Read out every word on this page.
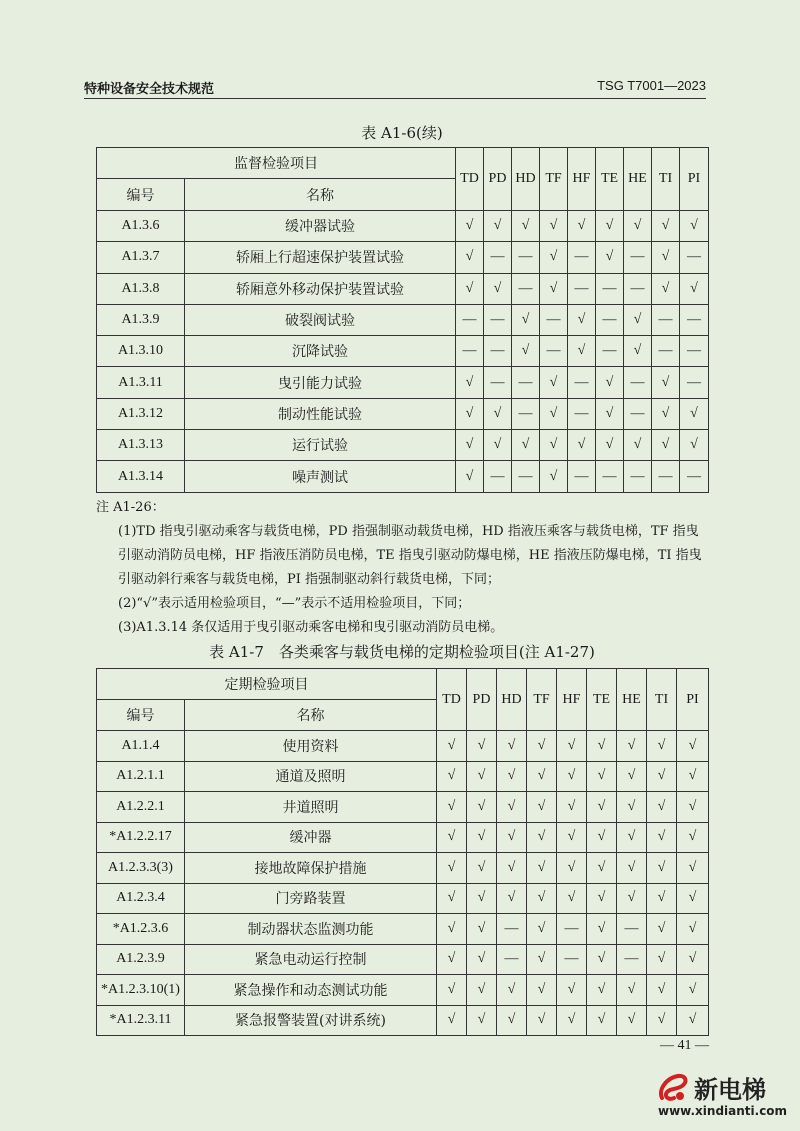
特种设备安全技术规范	TSG T7001—2023
表 A1-6(续)
监督检验项目		TD	PD	HD	TF	HF	TE	HE	TI	PI
编号	名称									
A1.3.6	缓冲器试验	√	√	√	√	√	√	√	√	√
A1.3.7	轿厢上行超速保护装置试验	√	—	—	√	—	√	—	√	—
A1.3.8	轿厢意外移动保护装置试验	√	√	—	√	—	—	—	√	√
A1.3.9	破裂阀试验	—	—	√	—	√	—	√	—	—
A1.3.10	沉降试验	—	—	√	—	√	—	√	—	—
A1.3.11	曳引能力试验	√	—	—	√	—	√	—	√	—
A1.3.12	制动性能试验	√	√	—	√	—	√	—	√	√
A1.3.13	运行试验	√	√	√	√	√	√	√	√	√
A1.3.14	噪声测试	√	—	—	√	—	—	—	—	—

注 A1-26：

(1)TD 指曳引驱动乘客与载货电梯，PD 指强制驱动载货电梯，HD 指液压乘客与载货电梯，TF 指曳引驱动消防员电梯，HF 指液压消防员电梯，TE 指曳引驱动防爆电梯，HE 指液压防爆电梯，TI 指曳引驱动斜行乘客与载货电梯，PI 指强制驱动斜行载货电梯，下同；

(2)“√”表示适用检验项目，“—”表示不适用检验项目，下同；

(3)A1.3.14 条仅适用于曳引驱动乘客电梯和曳引驱动消防员电梯。

表 A1-7　各类乘客与载货电梯的定期检验项目(注 A1-27)
定期检验项目		TD	PD	HD	TF	HF	TE	HE	TI	PI
编号	名称									
A1.1.4	使用资料	√	√	√	√	√	√	√	√	√
A1.2.1.1	通道及照明	√	√	√	√	√	√	√	√	√
A1.2.2.1	井道照明	√	√	√	√	√	√	√	√	√
*A1.2.2.17	缓冲器	√	√	√	√	√	√	√	√	√
A1.2.3.3(3)	接地故障保护措施	√	√	√	√	√	√	√	√	√
A1.2.3.4	门旁路装置	√	√	√	√	√	√	√	√	√
*A1.2.3.6	制动器状态监测功能	√	√	—	√	—	√	—	√	√
A1.2.3.9	紧急电动运行控制	√	√	—	√	—	√	—	√	√
*A1.2.3.10(1)	紧急操作和动态测试功能	√	√	√	√	√	√	√	√	√
*A1.2.3.11	紧急报警装置(对讲系统)	√	√	√	√	√	√	√	√	√
— 41 —
新电梯
www.xindianti.com
